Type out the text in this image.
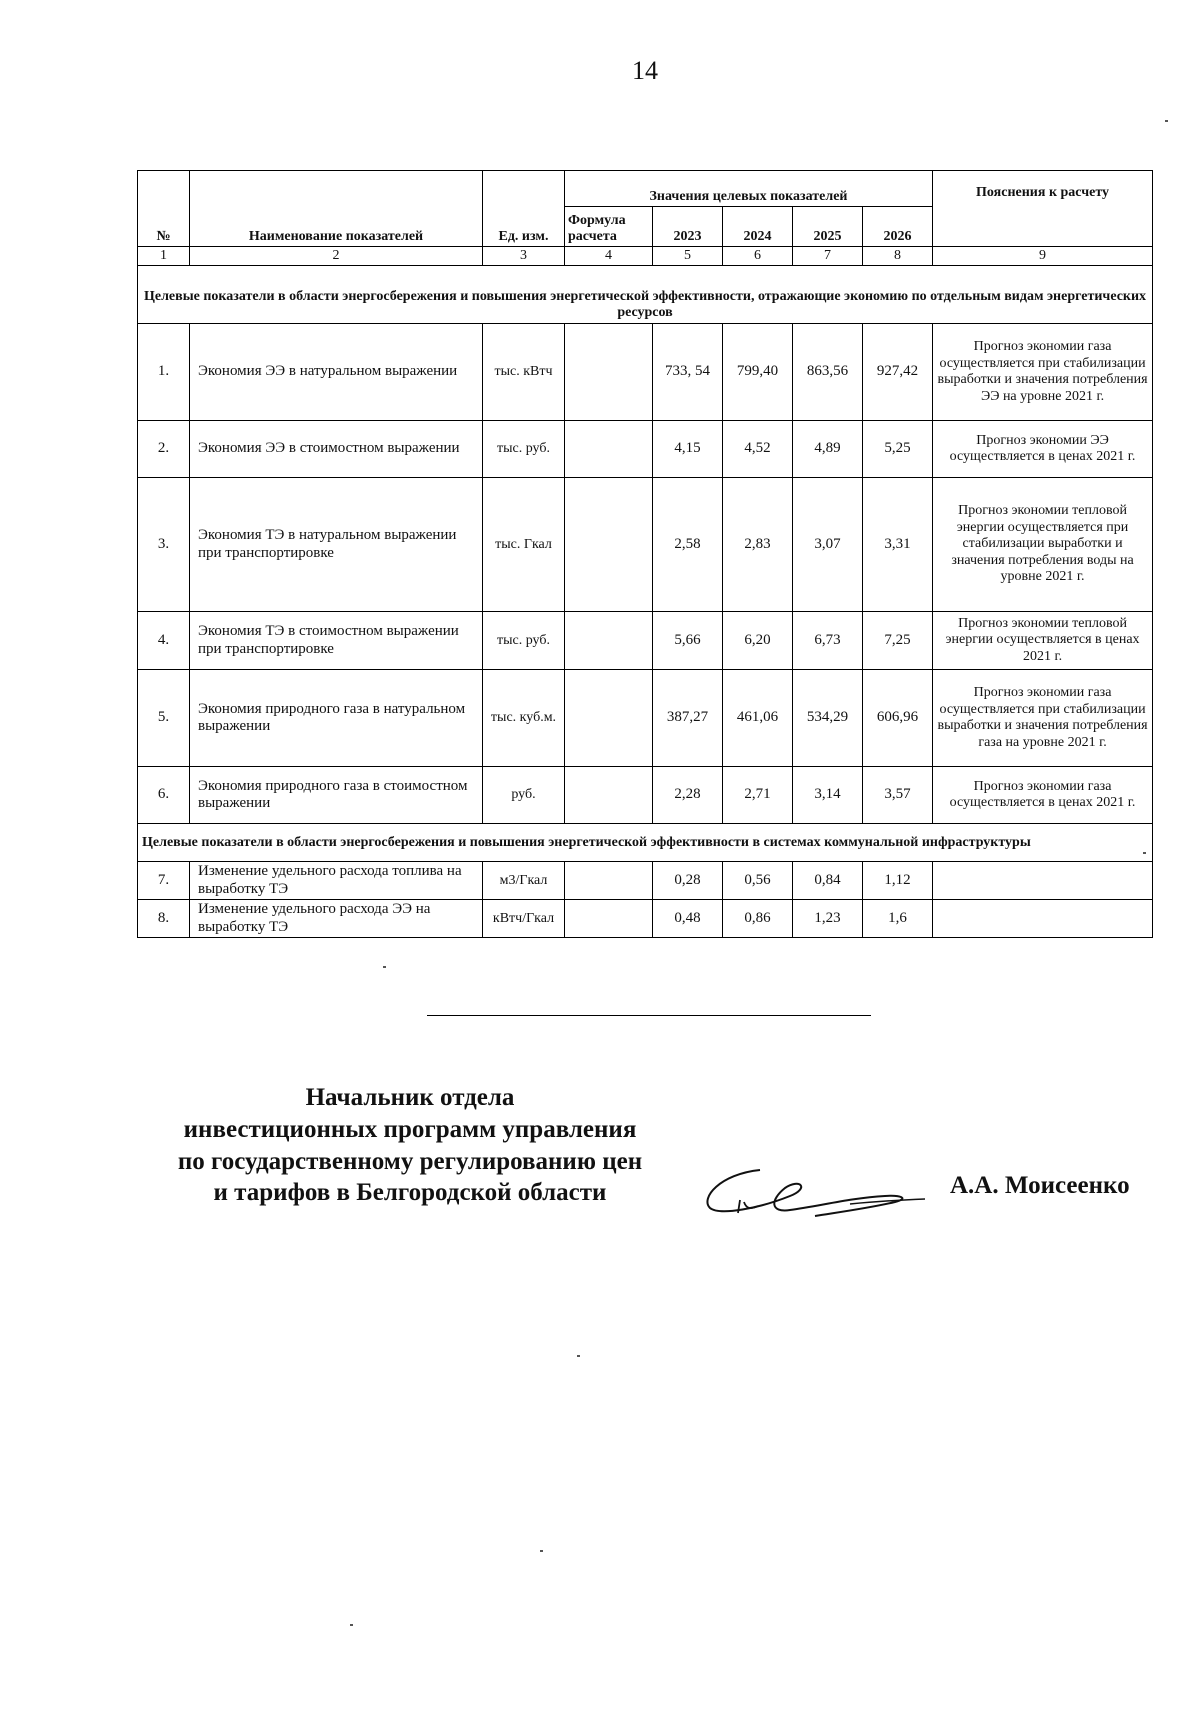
14
№	Наименование показателей	Ед. изм.	Значения целевых показателей					Пояснения к расчету
			Формула расчета	2023	2024	2025	2026	
1	2	3	4	5	6	7	8	9
Целевые показатели в области энергосбережения и повышения энергетической эффективности, отражающие экономию по отдельным видам энергетических ресурсов								
1.	Экономия ЭЭ в натуральном выражении	тыс. кВтч		733, 54	799,40	863,56	927,42	Прогноз экономии газа осуществляется при стабилизации выработки и значения потребления ЭЭ на уровне 2021 г.
2.	Экономия ЭЭ в стоимостном выражении	тыс. руб.		4,15	4,52	4,89	5,25	Прогноз экономии ЭЭ осуществляется в ценах 2021 г.
3.	Экономия ТЭ в натуральном выражении при транспортировке	тыс. Гкал		2,58	2,83	3,07	3,31	Прогноз экономии тепловой энергии осуществляется при стабилизации выработки и значения потребления воды на уровне 2021 г.
4.	Экономия ТЭ в стоимостном выражении при транспортировке	тыс. руб.		5,66	6,20	6,73	7,25	Прогноз экономии тепловой энергии осуществляется в ценах 2021 г.
5.	Экономия природного газа в натуральном выражении	тыс. куб.м.		387,27	461,06	534,29	606,96	Прогноз экономии газа осуществляется при стабилизации выработки и значения потребления газа на уровне 2021 г.
6.	Экономия природного газа в стоимостном выражении	руб.		2,28	2,71	3,14	3,57	Прогноз экономии газа осуществляется в ценах 2021 г.
Целевые показатели в области энергосбережения и повышения энергетической эффективности в системах коммунальной инфраструктуры								
7.	Изменение удельного расхода топлива на выработку ТЭ	м3/Гкал		0,28	0,56	0,84	1,12	
8.	Изменение удельного расхода ЭЭ на выработку ТЭ	кВтч/Гкал		0,48	0,86	1,23	1,6	
Начальник отдела
инвестиционных программ управления
по государственному регулированию цен
и тарифов в Белгородской области	А.А. Моисеенко
